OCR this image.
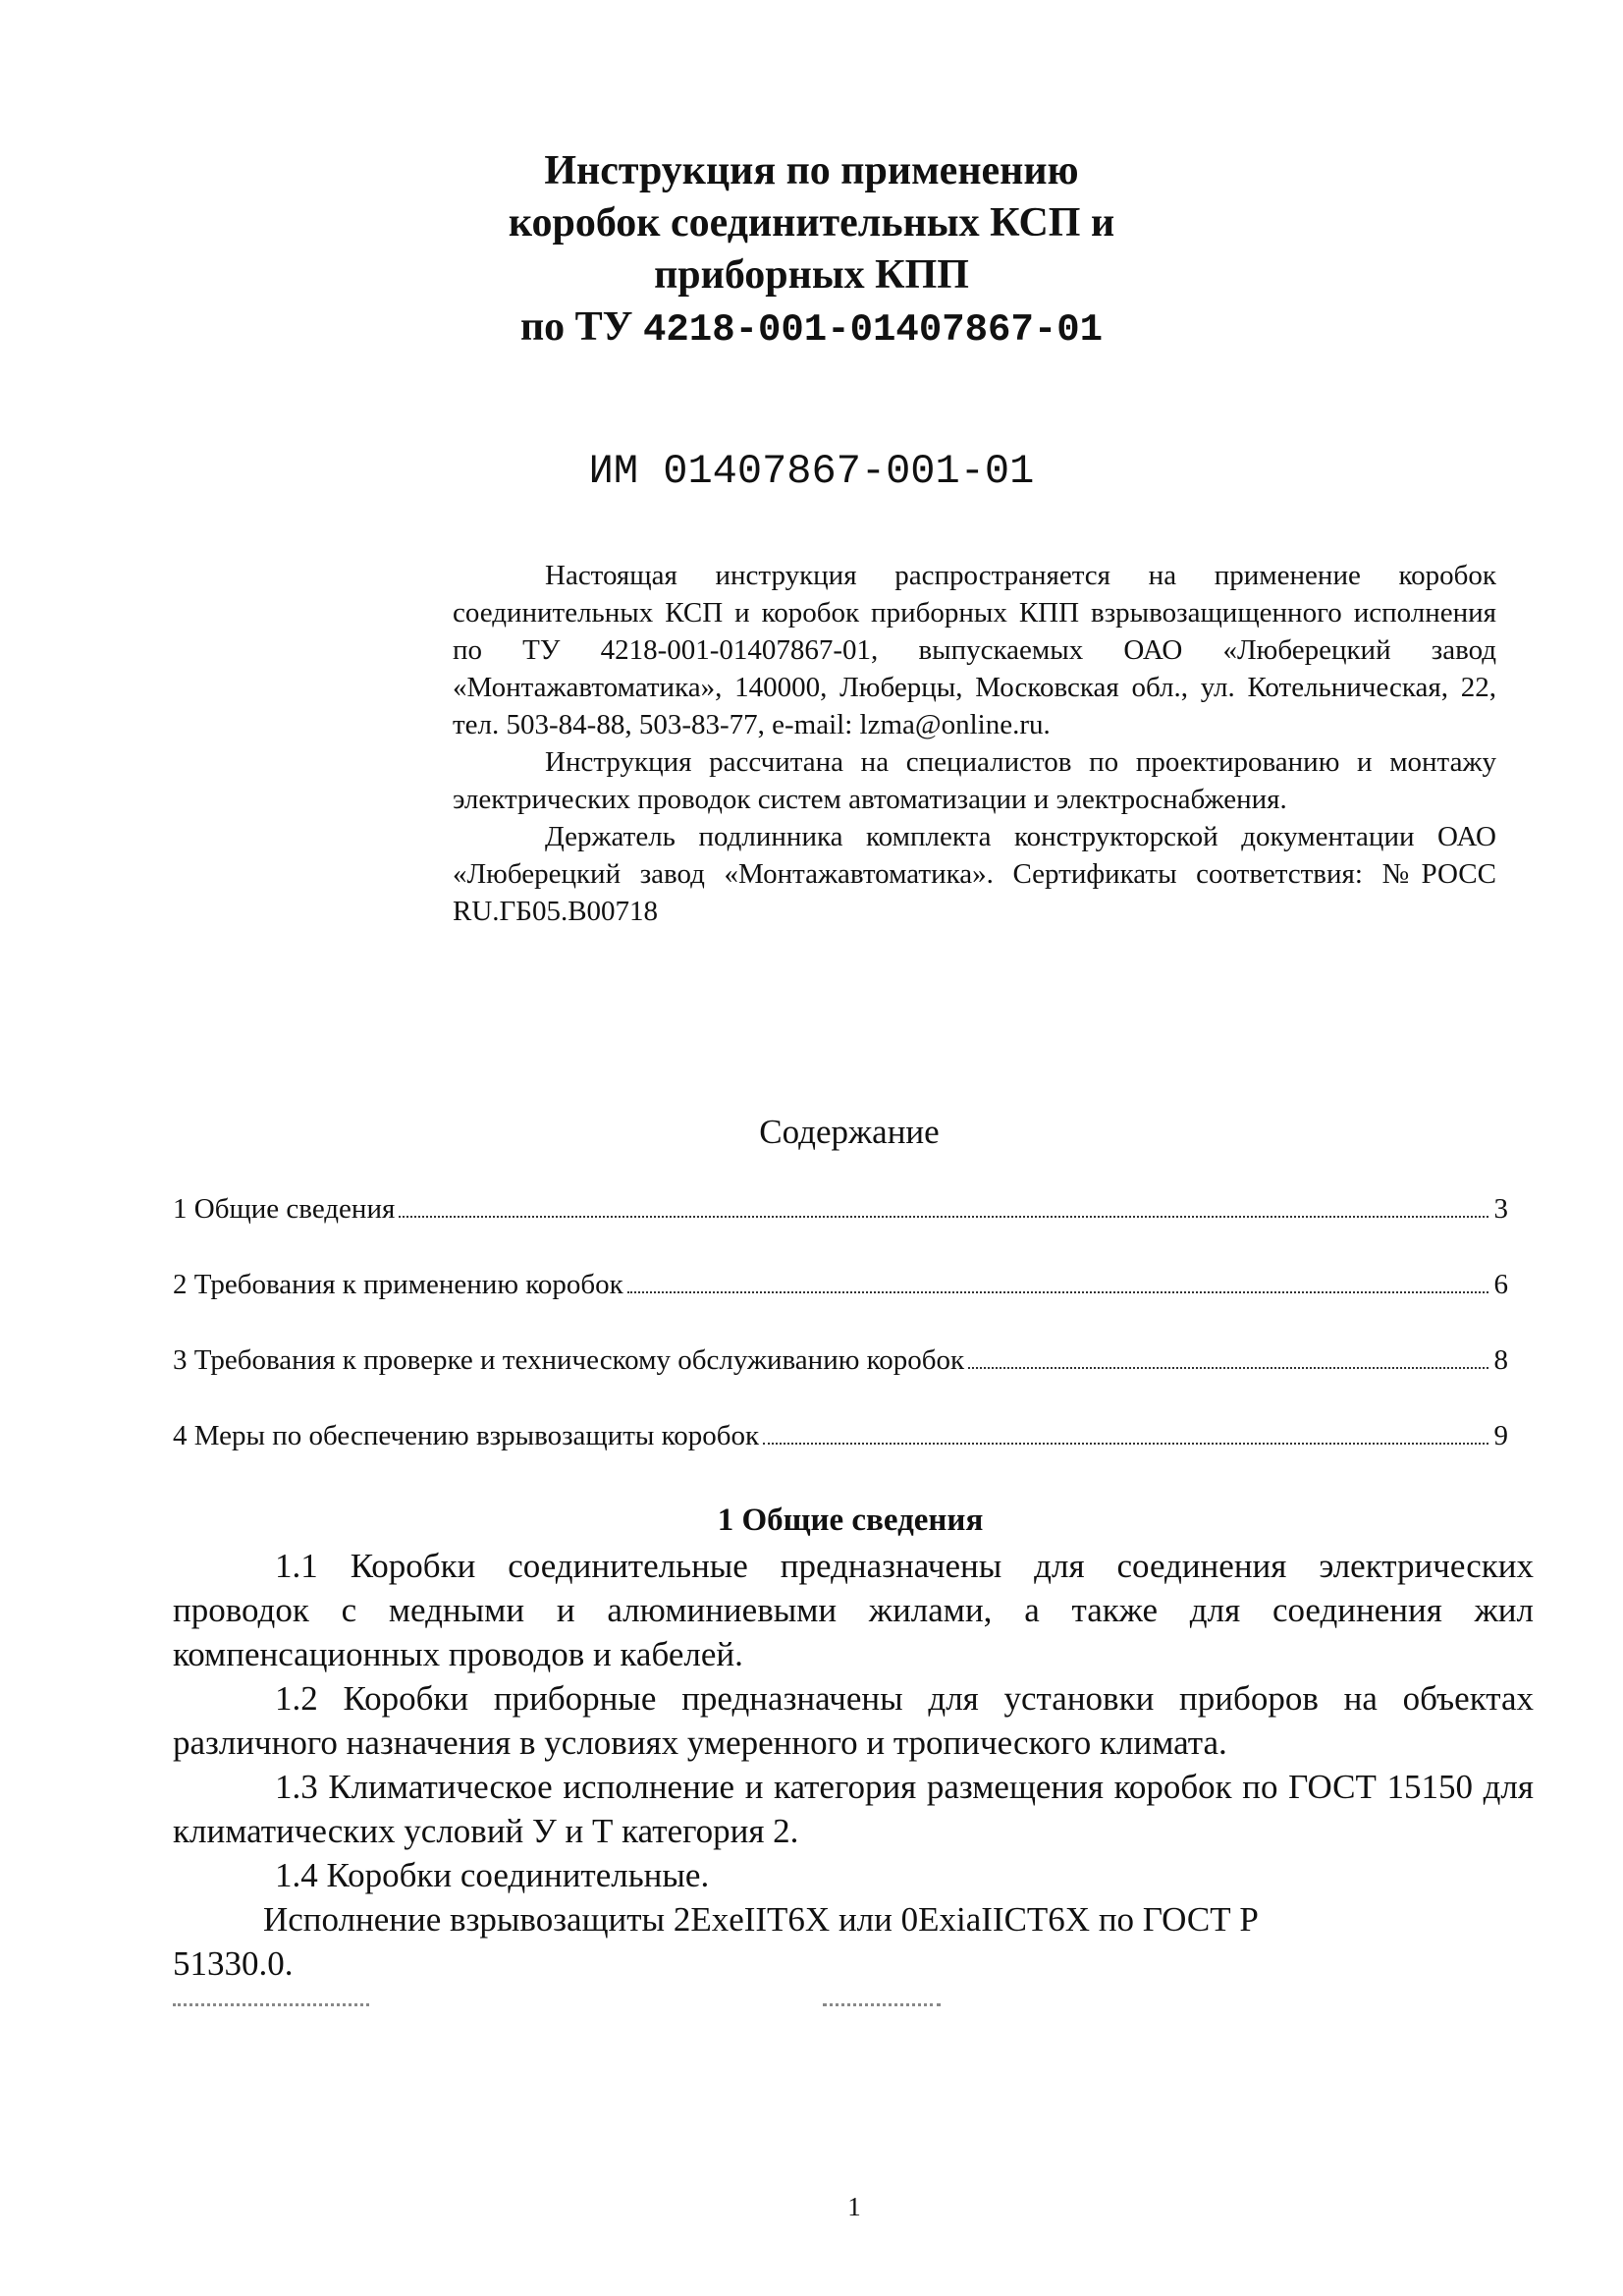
Инструкция по применению
коробок соединительных КСП и
приборных КПП
по ТУ 4218-001-01407867-01
ИМ 01407867-001-01

Настоящая инструкция распространяется на применение коробок соединительных КСП и коробок приборных КПП взрывозащищенного исполнения по ТУ 4218-001-01407867-01, выпускаемых ОАО «Люберецкий завод «Монтажавтоматика», 140000, Люберцы, Московская обл., ул. Котельническая, 22, тел. 503-84-88, 503-83-77, e-mail: lzma@online.ru.

Инструкция рассчитана на специалистов по проектированию и монтажу электрических проводок систем автоматизации и электроснабжения.

Держатель подлинника комплекта конструкторской документации ОАО «Люберецкий завод «Монтажавтоматика». Сертификаты соответствия: №РОСС RU.ГБ05.В00718

Содержание
1 Общие сведения	3
2 Требования к применению коробок	6
3 Требования к проверке и техническому обслуживанию коробок	8
4 Меры по обеспечению взрывозащиты коробок	9
1 Общие сведения

1.1 Коробки соединительные предназначены для соединения электрических проводок с медными и алюминиевыми жилами, а также для соединения жил компенсационных проводов и кабелей.

1.2 Коробки приборные предназначены для установки приборов на объектах различного назначения в условиях умеренного и тропического климата.

1.3 Климатическое исполнение и категория размещения коробок по ГОСТ 15150 для климатических условий У и Т категория 2.

1.4 Коробки соединительные.

Исполнение взрывозащиты 2ExeIIТ6Х или 0ExiaIIСТ6Х по ГОСТ Р 51330.0.

1
